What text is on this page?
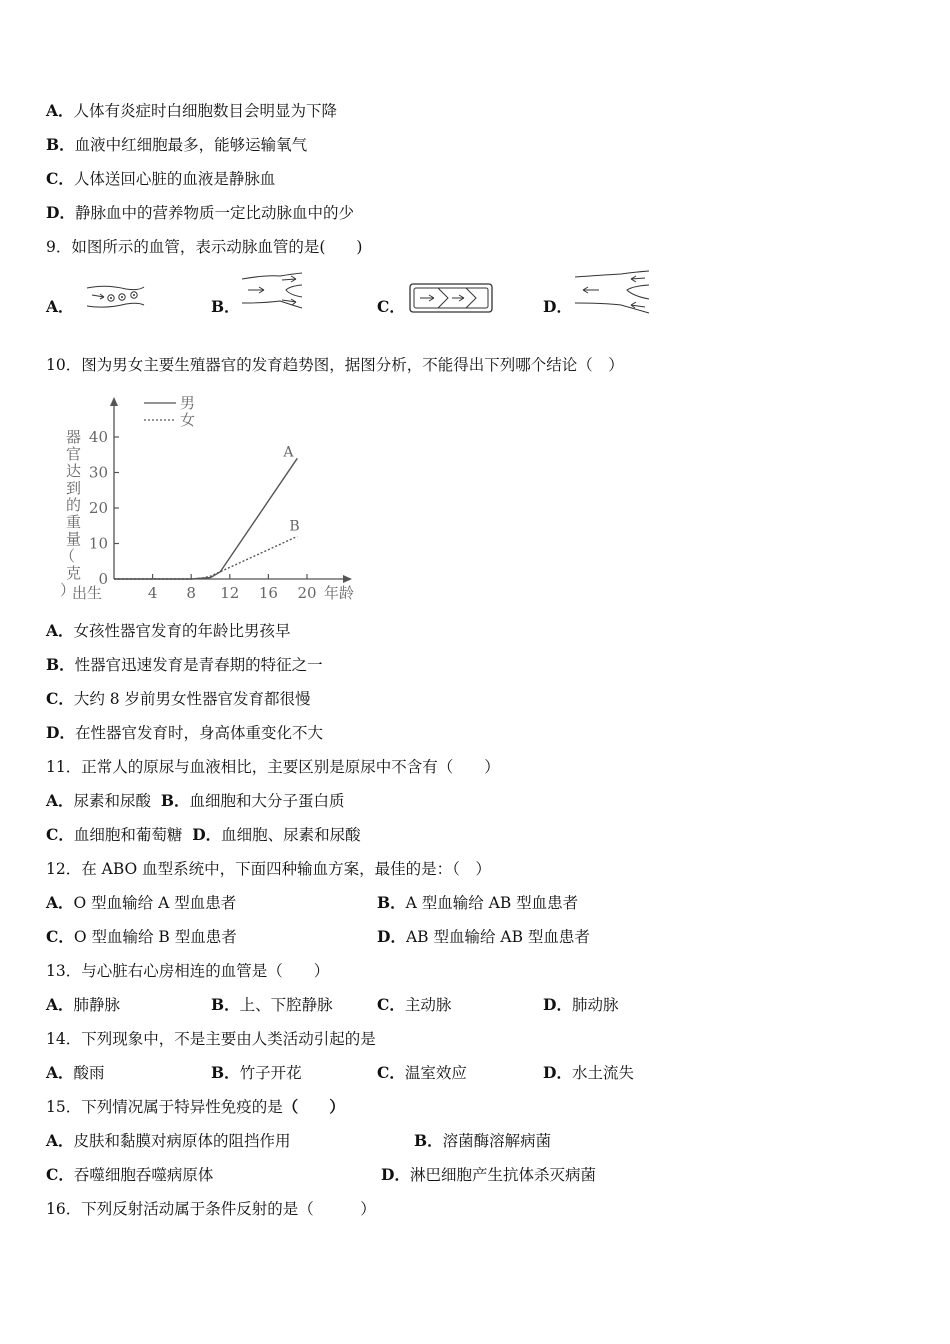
A．人体有炎症时白细胞数目会明显为下降
B．血液中红细胞最多，能够运输氧气
C．人体送回心脏的血液是静脉血
D．静脉血中的营养物质一定比动脉血中的少
9．如图所示的血管，表示动脉血管的是(　　)
A．	B．	C．	D．
10．图为男女主要生殖器官的发育趋势图，据图分析，不能得出下列哪个结论（　）
男
女
器 官 达 到 的 重 量 （ 克 ）	年龄
0
10
20
30
40
出生	4 8 12 16 20
A
B
A．女孩性器官发育的年龄比男孩早
B．性器官迅速发育是青春期的特征之一
C．大约 8 岁前男女性器官发育都很慢
D．在性器官发育时，身高体重变化不大
11．正常人的原尿与血液相比，主要区别是原尿中不含有（　　）
A．尿素和尿酸 B．血细胞和大分子蛋白质
C．血细胞和葡萄糖 D．血细胞、尿素和尿酸
12．在 ABO 血型系统中，下面四种输血方案，最佳的是：（　）
A．O 型血输给 A 型血患者	B．A 型血输给 AB 型血患者
C．O 型血输给 B 型血患者	D．AB 型血输给 AB 型血患者
13．与心脏右心房相连的血管是（　　）
A．肺静脉	B．上、下腔静脉	C．主动脉	D．肺动脉
14．下列现象中，不是主要由人类活动引起的是
A．酸雨	B．竹子开花	C．温室效应	D．水土流失
15．下列情况属于特异性免疫的是（　　）
A．皮肤和黏膜对病原体的阻挡作用	B．溶菌酶溶解病菌
C．吞噬细胞吞噬病原体	D．淋巴细胞产生抗体杀灭病菌
16．下列反射活动属于条件反射的是（　　　）
